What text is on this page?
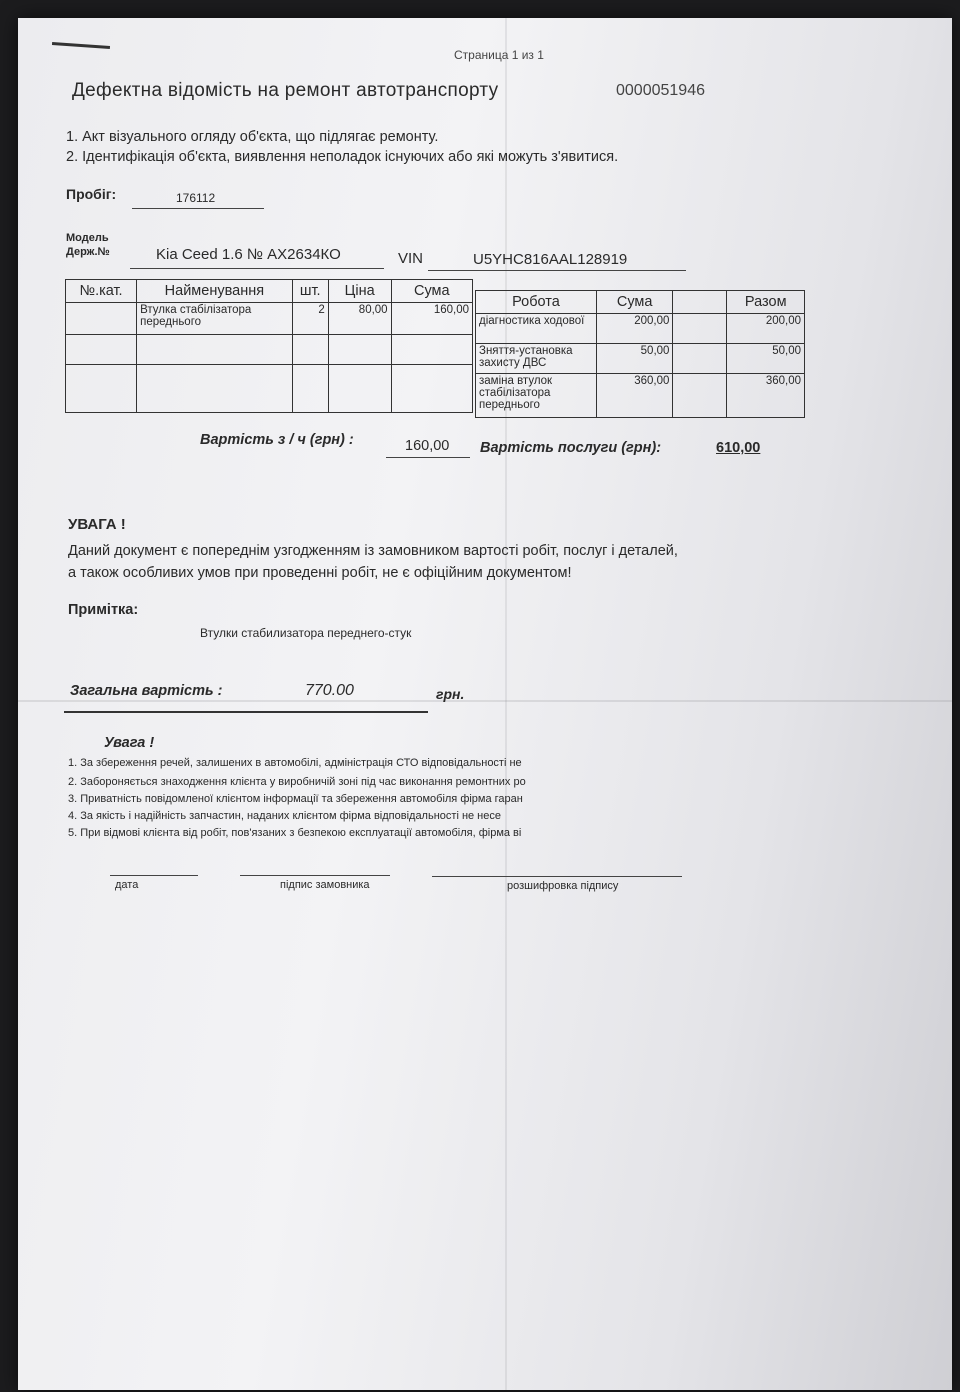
Страница 1 из 1
Дефектна відомість на ремонт автотранспорту	0000051946
1. Акт візуального огляду об'єкта, що підлягає ремонту.
2. Ідентифікація об'єкта, виявлення неполадок існуючих або які можуть з'явитися.
Пробіг:	176112
Модель
Держ.№	Kia Ceed 1.6 № АХ2634КО	VIN	U5YHC816AAL128919
№.кат.	Найменування	шт.	Ціна	Сума
	Втулка стабілізатора переднього	2	80,00	160,00

					Робота	Сума		Разом
діагностика ходової	200,00		200,00
Зняття-установка захисту ДВС	50,00		50,00
заміна втулок стабілізатора переднього	360,00		360,00
Вартість з / ч (грн) :	160,00 Вартість послуги (грн):	610,00
УВАГА !
Даний документ є попереднім узгодженням із замовником вартості робіт, послуг і деталей,
а також особливих умов при проведенні робіт, не є офіційним документом!
Примітка:
Втулки стабилизатора переднего-стук
Загальна вартість :	770.00	грн.
Увага !
1. За збереження речей, залишених в автомобілі, адміністрація СТО відповідальності не
2. Забороняється знаходження клієнта у виробничій зоні під час виконання ремонтних ро
3. Приватність повідомленої клієнтом інформації та збереження автомобіля фірма гаран
4. За якість і надійність запчастин, наданих клієнтом фірма відповідальності не несе
5. При відмові клієнта від робіт, пов'язаних з безпекою експлуатації автомобіля, фірма ві
дата	підпис замовника	розшифровка підпису
